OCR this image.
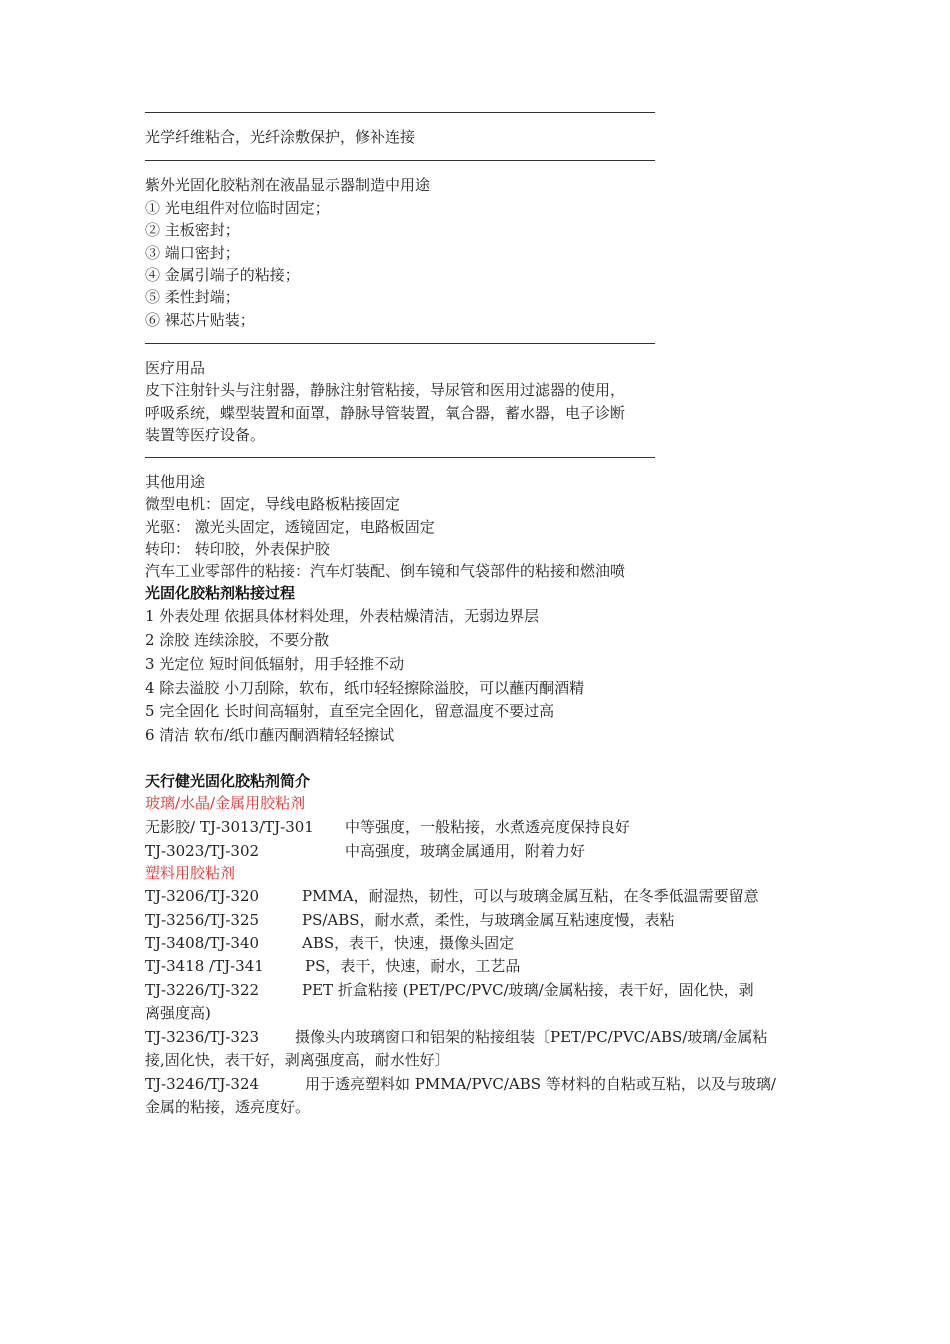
光学纤维粘合，光纤涂敷保护，修补连接
紫外光固化胶粘剂在液晶显示器制造中用途
① 光电组件对位临时固定；
② 主板密封；
③ 端口密封；
④ 金属引端子的粘接；
⑤ 柔性封端；
⑥ 裸芯片贴装；
医疗用品
皮下注射针头与注射器，静脉注射管粘接，导尿管和医用过滤器的使用，
呼吸系统，蝶型装置和面罩，静脉导管装置，氧合器，蓄水器，电子诊断
装置等医疗设备。
其他用途
微型电机：固定，导线电路板粘接固定
光驱： 激光头固定，透镜固定，电路板固定
转印： 转印胶，外表保护胶
汽车工业零部件的粘接：汽车灯装配、倒车镜和气袋部件的粘接和燃油喷
光固化胶粘剂粘接过程
1 外表处理 依据具体材料处理，外表枯燥清洁，无弱边界层
2 涂胶 连续涂胶，不要分散
3 光定位 短时间低辐射，用手轻推不动
4 除去溢胶 小刀刮除，软布，纸巾轻轻擦除溢胶，可以蘸丙酮酒精
5 完全固化 长时间高辐射，直至完全固化，留意温度不要过高
6 清洁 软布/纸巾蘸丙酮酒精轻轻擦试
天行健光固化胶粘剂简介
玻璃/水晶/金属用胶粘剂
无影胶/ TJ-3013/TJ-301 中等强度，一般粘接，水煮透亮度保持良好
TJ-3023/TJ-302	中高强度，玻璃金属通用，附着力好
塑料用胶粘剂
TJ-3206/TJ-320	PMMA，耐湿热，韧性，可以与玻璃金属互粘，在冬季低温需要留意
TJ-3256/TJ-325	PS/ABS，耐水煮，柔性，与玻璃金属互粘速度慢，表粘
TJ-3408/TJ-340	ABS，表干，快速，摄像头固定
TJ-3418 /TJ-341	PS，表干，快速，耐水，工艺品
TJ-3226/TJ-322	PET 折盒粘接 (PET/PC/PVC/玻璃/金属粘接，表干好，固化快，剥
离强度高)
TJ-3236/TJ-323 摄像头内玻璃窗口和铝架的粘接组装〔PET/PC/PVC/ABS/玻璃/金属粘
接,固化快，表干好，剥离强度高，耐水性好〕
TJ-3246/TJ-324	用于透亮塑料如 PMMA/PVC/ABS 等材料的自粘或互粘，以及与玻璃/
金属的粘接，透亮度好。
